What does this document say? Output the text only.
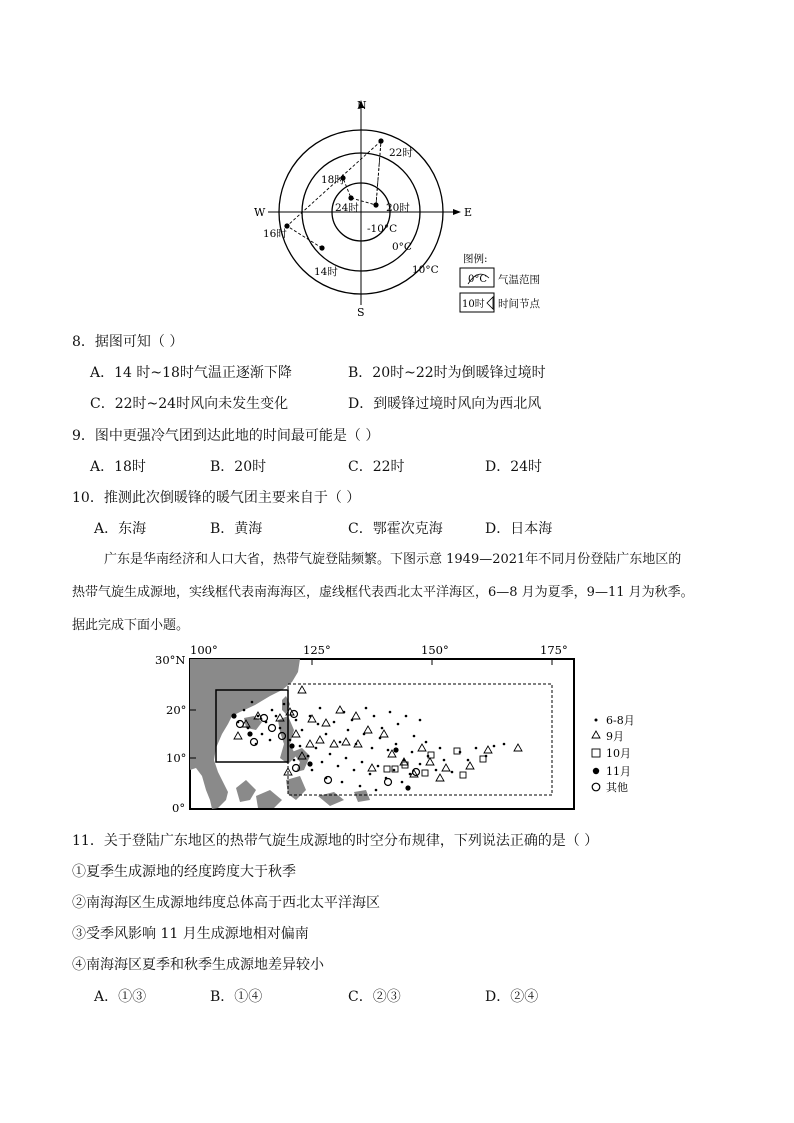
N
S
E
W
22时
18时
24时	20时
16时
14时
-10°C
0°C
10°C
图例:
0°C 气温范围
10时 时间节点
8．据图可知（ ）
A．14 时~18时气温正逐渐下降	B．20时~22时为倒暖锋过境时
C．22时~24时风向未发生变化	D．到暖锋过境时风向为西北风
9．图中更强冷气团到达此地的时间最可能是（ ）
A．18时	B．20时	C．22时	D．24时
10．推测此次倒暖锋的暖气团主要来自于（ ）
A．东海	B．黄海	C．鄂霍次克海	D．日本海
广东是华南经济和人口大省，热带气旋登陆频繁。下图示意 1949—2021年不同月份登陆广东地区的
热带气旋生成源地，实线框代表南海海区，虚线框代表西北太平洋海区，6—8 月为夏季，9—11 月为秋季。
据此完成下面小题。
100°	125°	150°	175°
30°N
20°
10°
0°
6-8月
9月
10月
11月
其他
11．关于登陆广东地区的热带气旋生成源地的时空分布规律，下列说法正确的是（ ）
①夏季生成源地的经度跨度大于秋季
②南海海区生成源地纬度总体高于西北太平洋海区
③受季风影响 11 月生成源地相对偏南
④南海海区夏季和秋季生成源地差异较小
A．①③	B．①④	C．②③	D．②④
